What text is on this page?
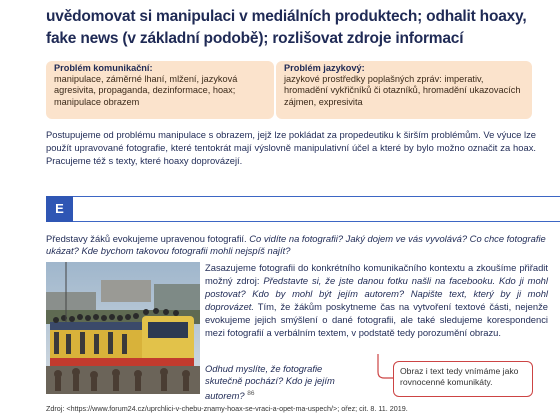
uvědomovat si manipulaci v mediálních produktech; odhalit hoaxy,
fake news (v základní podobě); rozlišovat zdroje informací
Problém komunikační:
manipulace, záměrné lhaní, mlžení, jazyková agresivita, propaganda, dezinformace, hoax; manipulace obrazem
Problém jazykový:
jazykové prostředky poplašných zpráv: imperativ, hromadění vykřičníků či otazníků, hromadění ukazovacích zájmen, expresivita
Postupujeme od problému manipulace s obrazem, jejž lze pokládat za propedeutiku k širším problémům. Ve výuce lze použít upravované fotografie, které tentokrát mají výslovně manipulativní účel a které by bylo možno označit za hoax. Pracujeme též s texty, které hoaxy doprovázejí.
E
Představy žáků evokujeme upravenou fotografií. Co vidíte na fotografii? Jaký dojem ve vás vyvolává? Co chce fotografie ukázat? Kde bychom takovou fotografii mohli nejspíš najít?
Zasazujeme fotografii do konkrétního komunikačního kontextu a zkoušíme přiřadit možný zdroj: Představte si, že jste danou fotku našli na facebooku. Kdo ji mohl postovat? Kdo by mohl být jejím autorem? Napište text, který by ji mohl doprovázet. Tím, že žákům poskytneme čas na vytvoření textové části, nejenže evokujeme jejich smýšlení o dané fotografii, ale také sledujeme korespondenci mezi fotografií a verbálním textem, v podstatě tedy porozumění obrazu.
Odhud myslíte, že fotografie skutečně pochází? Kdo je jejím autorem? $^{86}$
Obraz i text tedy vnímáme jako rovnocenné komunikáty.
Zdroj: <https://www.forum24.cz/uprchlici-v-chebu-znamy-hoax-se-vraci-a-opet-ma-uspech/>; ořez; cit. 8. 11. 2019.
